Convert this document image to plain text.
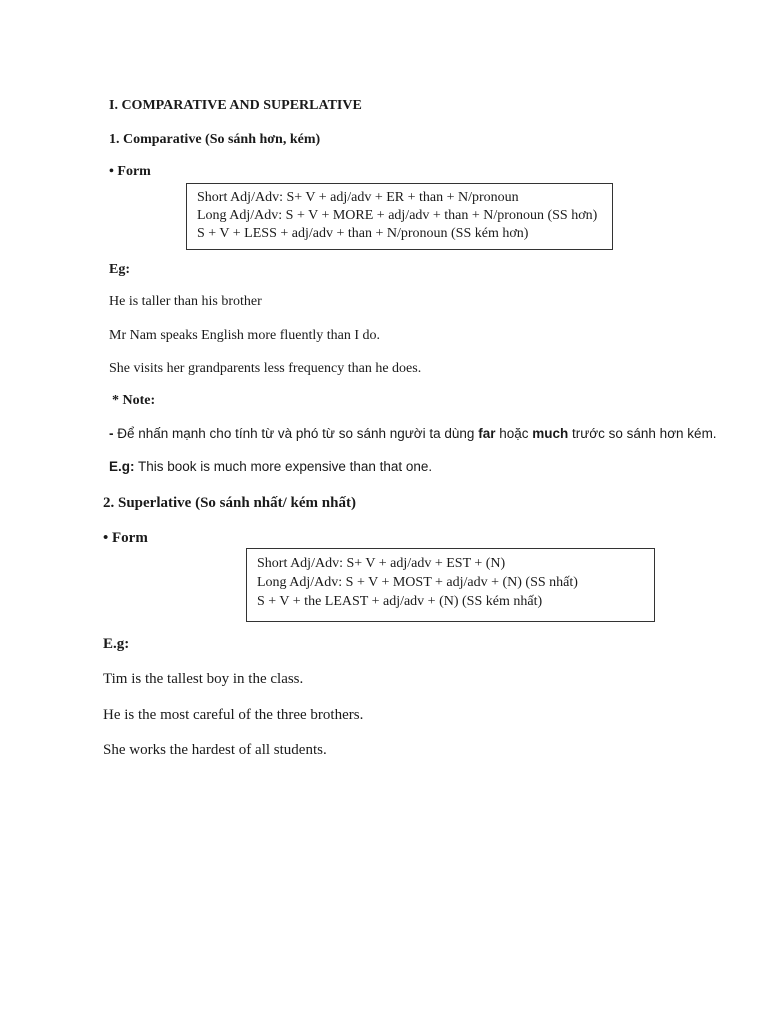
I. COMPARATIVE AND SUPERLATIVE
1. Comparative (So sánh hơn, kém)
• Form
Short Adj/Adv: S+ V + adj/adv + ER + than + N/pronoun
Long Adj/Adv: S + V + MORE + adj/adv + than + N/pronoun (SS hơn)
S + V + LESS + adj/adv + than + N/pronoun (SS kém hơn)
Eg:
He is taller than his brother
Mr Nam speaks English more fluently than I do.
She visits her grandparents less frequency than he does.
* Note:
- Để nhấn mạnh cho tính từ và phó từ so sánh người ta dùng far hoặc much trước so sánh hơn kém.
E.g: This book is much more expensive than that one.
2. Superlative (So sánh nhất/ kém nhất)
• Form
Short Adj/Adv: S+ V + adj/adv + EST + (N)
Long Adj/Adv: S + V + MOST + adj/adv + (N) (SS nhất)
S + V + the LEAST + adj/adv + (N) (SS kém nhất)
E.g:
Tim is the tallest boy in the class.
He is the most careful of the three brothers.
She works the hardest of all students.
